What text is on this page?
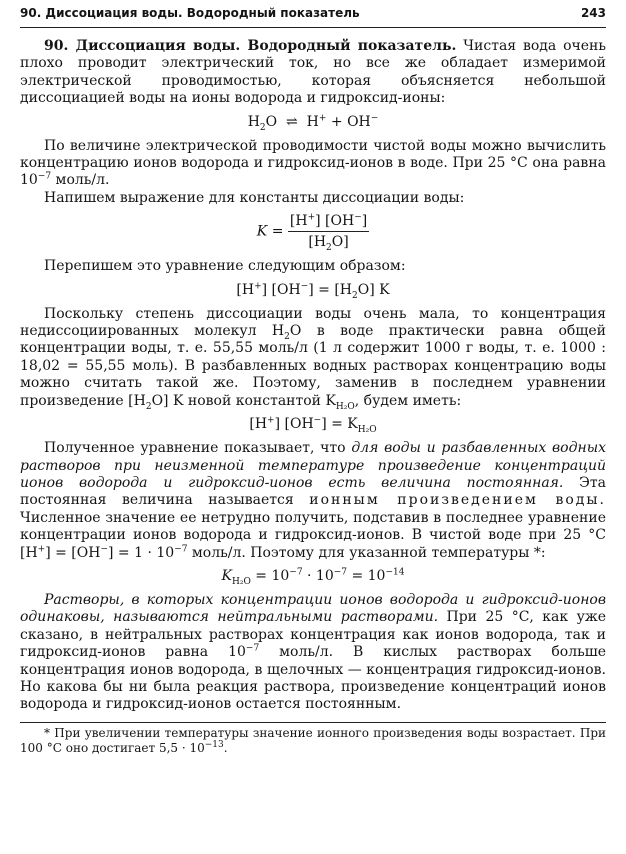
90. Диссоциация воды. Водородный показатель	243

90. Диссоциация воды. Водородный показатель. Чистая вода очень плохо проводит электрический ток, но все же обладает измеримой электрической проводимостью, которая объясняется небольшой диссоциацией воды на ионы водорода и гидроксид-ионы:

$H_2O$ ⇌ H+ + OH−

По величине электрической проводимости чистой воды можно вычислить концентрацию ионов водорода и гидроксид-ионов в воде. При 25 °С она равна $10^{-7}$ моль/л.

Напишем выражение для константы диссоциации воды:

$K = \frac{[H^+] [OH^-]}{[H_2O]}$

Перепишем это уравнение следующим образом:

[H+] $[OH^-] = [H_2O]$ K

Поскольку степень диссоциации воды очень мала, то концентрация недиссоциированных молекул $H_2O$ в воде практически равна общей концентрации воды, т. е. 55,55 моль/л (1 л содержит 1000 г воды, т. е. 1000 : 18,02 = 55,55 моль). В разбавленных водных растворах концентрацию воды можно считать такой же. Поэтому, заменив в последнем уравнении произведение $[H_2O]$ K новой константой $K_{H_2O}$, будем иметь:

[H+] $[OH^-] = K_{H_2O}$

Полученное уравнение показывает, что для воды и разбавленных водных растворов при неизменной температуре произведение концентраций ионов водорода и гидроксид-ионов есть величина постоянная. Эта постоянная величина называется ионным произведением воды. Численное значение ее нетрудно получить, подставив в последнее уравнение концентрации ионов водорода и гидроксид-ионов. В чистой воде при 25 °С $[H^+] = [OH^-] = 1 \cdot 10^{-7}$ моль/л. Поэтому для указанной температуры *:

$K_{H_2O} = 10^{-7} \cdot 10^{-7} = 10^{-14}$

Растворы, в которых концентрации ионов водорода и гидроксид-ионов одинаковы, называются нейтральными растворами. При 25 °С, как уже сказано, в нейтральных растворах концентрация как ионов водорода, так и гидроксид-ионов равна $10^{-7}$ моль/л. В кислых растворах больше концентрация ионов водорода, в щелочных — концентрация гидроксид-ионов. Но какова бы ни была реакция раствора, произведение концентраций ионов водорода и гидроксид-ионов остается постоянным.

* При увеличении температуры значение ионного произведения воды возрастает. При 100 °С оно достигает $5,5 \cdot 10^{-13}$.
